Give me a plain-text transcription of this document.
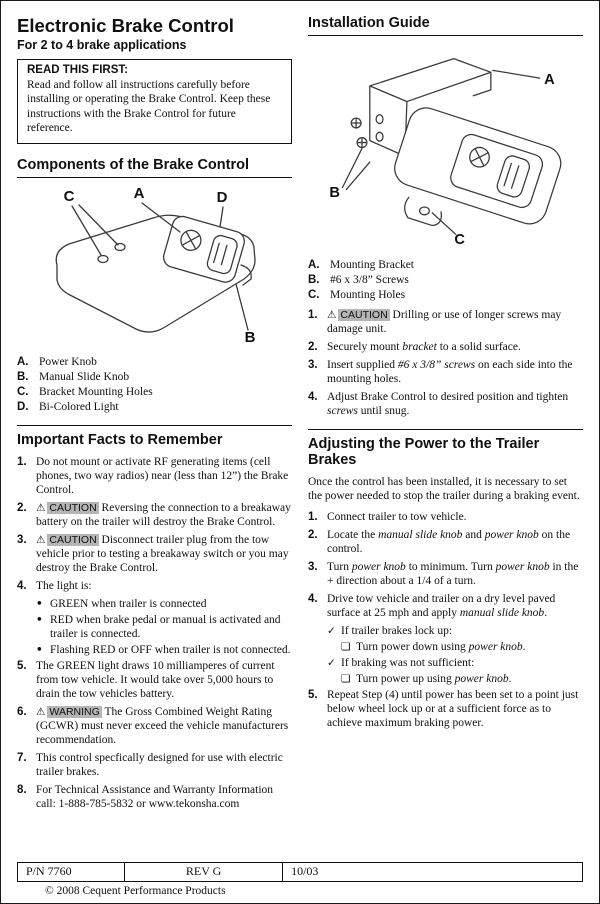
Electronic Brake Control
For 2 to 4 brake applications
READ THIS FIRST:
Read and follow all instructions carefully before installing or operating the Brake Control. Keep these instructions with the Brake Control for future reference.
Components of the Brake Control
C	A	D
B
A. Power Knob
B. Manual Slide Knob
C. Bracket Mounting Holes
D. Bi-Colored Light
Important Facts to Remember
1. Do not mount or activate RF generating items (cell phones, two way radios) near (less than 12”) the Brake Control.
2. ⚠ CAUTION Reversing the connection to a breakaway battery on the trailer will destroy the Brake Control.
3. ⚠ CAUTION Disconnect trailer plug from the tow vehicle prior to testing a breakaway switch or you may destroy the Brake Control.
4. The light is:
• GREEN when trailer is connected
• RED when brake pedal or manual is activated and trailer is connected.
• Flashing RED or OFF when trailer is not connected.
5. The GREEN light draws 10 milliamperes of current from tow vehicle. It would take over 5,000 hours to drain the tow vehicles battery.
6. ⚠ WARNING The Gross Combined Weight Rating (GCWR) must never exceed the vehicle manufacturers recommendation.
7. This control specfically designed for use with electric trailer brakes.
8. For Technical Assistance and Warranty Information call: 1-888-785-5832 or www.tekonsha.com
Installation Guide
A
B
C
A. Mounting Bracket
B. #6 x 3/8” Screws
C. Mounting Holes
1. ⚠ CAUTION Drilling or use of longer screws may damage unit.
2. Securely mount bracket to a solid surface.
3. Insert supplied #6 x 3/8” screws on each side into the mounting holes.
4. Adjust Brake Control to desired position and tighten screws until snug.
Adjusting the Power to the Trailer Brakes

Once the control has been installed, it is necessary to set the power needed to stop the trailer during a braking event.

1. Connect trailer to tow vehicle.
2. Locate the manual slide knob and power knob on the control.
3. Turn power knob to minimum. Turn power knob in the + direction about a 1/4 of a turn.
4. Drive tow vehicle and trailer on a dry level paved surface at 25 mph and apply manual slide knob.
✓ If trailer brakes lock up:
❑ Turn power down using power knob.
✓ If braking was not sufficient:
❑ Turn power up using power knob.
5. Repeat Step (4) until power has been set to a point just below wheel lock up or at a sufficient force as to achieve maximum braking power.
P/N 7760	REV G	10/03
© 2008 Cequent Performance Products
